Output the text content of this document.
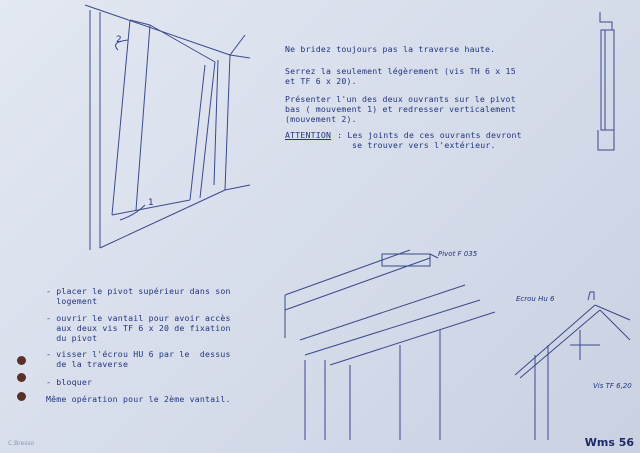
2
1
Pivot F 035
Ecrou Hu 6
Vis TF 6,20
Ne bridez toujours pas la traverse haute.
Serrez la seulement légèrement (vis TH 6 x 15
et TF 6 x 20).
Présenter l'un des deux ouvrants sur le pivot
bas ( mouvement 1) et redresser verticalement
(mouvement 2).
ATTENTION : Les joints de ces ouvrants devront
se trouver vers l'extérieur.
- placer le pivot supérieur dans son
logement
- ouvrir le vantail pour avoir accès
aux deux vis TF 6 x 20 de fixation
du pivot
- visser l'écrou HU 6 par le  dessus
de la traverse
- bloquer
Même opération pour le 2ème vantail.
C.Bresso	Wms 56
